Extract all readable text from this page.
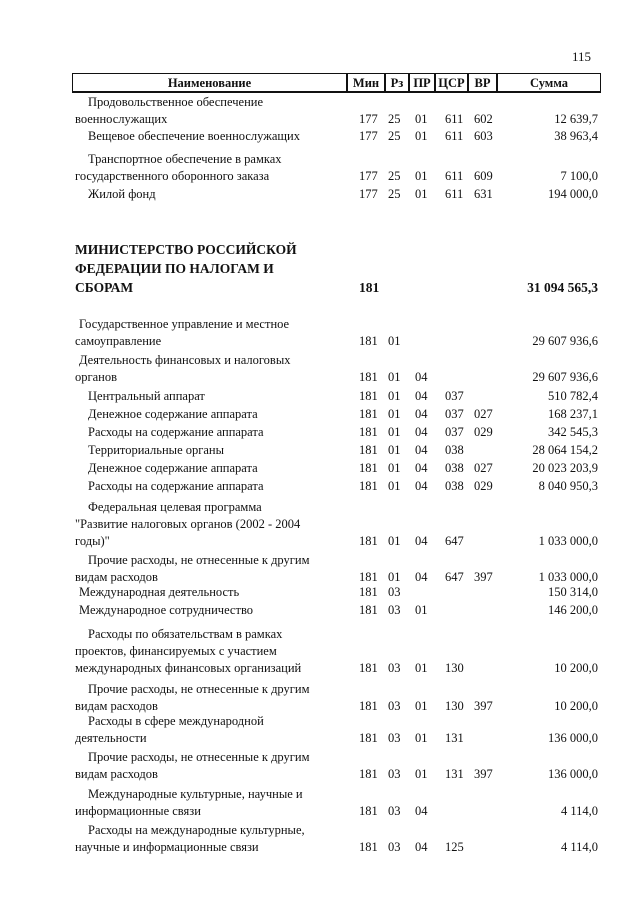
115
Наименование	Мин Рз ПР ЦСР ВР	Сумма
Продовольственное обеспечение
военнослужащих	177 25 01 611 602	12 639,7
Вещевое обеспечение военнослужащих	177 25 01 611 603	38 963,4
Транспортное обеспечение в рамках
государственного оборонного заказа	177 25 01 611 609	7 100,0
Жилой фонд	177 25 01 611 631	194 000,0
МИНИСТЕРСТВО РОССИЙСКОЙ
ФЕДЕРАЦИИ ПО НАЛОГАМ И
СБОРАМ	181	31 094 565,3
Государственное управление и местное
самоуправление	181 01	29 607 936,6
Деятельность финансовых и налоговых
органов	181 01 04	29 607 936,6
Центральный аппарат	181 01 04 037	510 782,4
Денежное содержание аппарата	181 01 04 037 027	168 237,1
Расходы на содержание аппарата	181 01 04 037 029	342 545,3
Территориальные органы	181 01 04 038	28 064 154,2
Денежное содержание аппарата	181 01 04 038 027	20 023 203,9
Расходы на содержание аппарата	181 01 04 038 029	8 040 950,3
Федеральная целевая программа
"Развитие налоговых органов (2002 - 2004
годы)"	181 01 04 647	1 033 000,0
Прочие расходы, не отнесенные к другим
видам расходов	181 01 04 647 397	1 033 000,0
Международная деятельность	181 03	150 314,0
Международное сотрудничество	181 03 01	146 200,0
Расходы по обязательствам в рамках
проектов, финансируемых с участием
международных финансовых организаций	181 03 01 130	10 200,0
Прочие расходы, не отнесенные к другим
видам расходов	181 03 01 130 397	10 200,0
Расходы в сфере международной
деятельности	181 03 01 131	136 000,0
Прочие расходы, не отнесенные к другим
видам расходов	181 03 01 131 397	136 000,0
Международные культурные, научные и
информационные связи	181 03 04	4 114,0
Расходы на международные культурные,
научные и информационные связи	181 03 04 125	4 114,0
